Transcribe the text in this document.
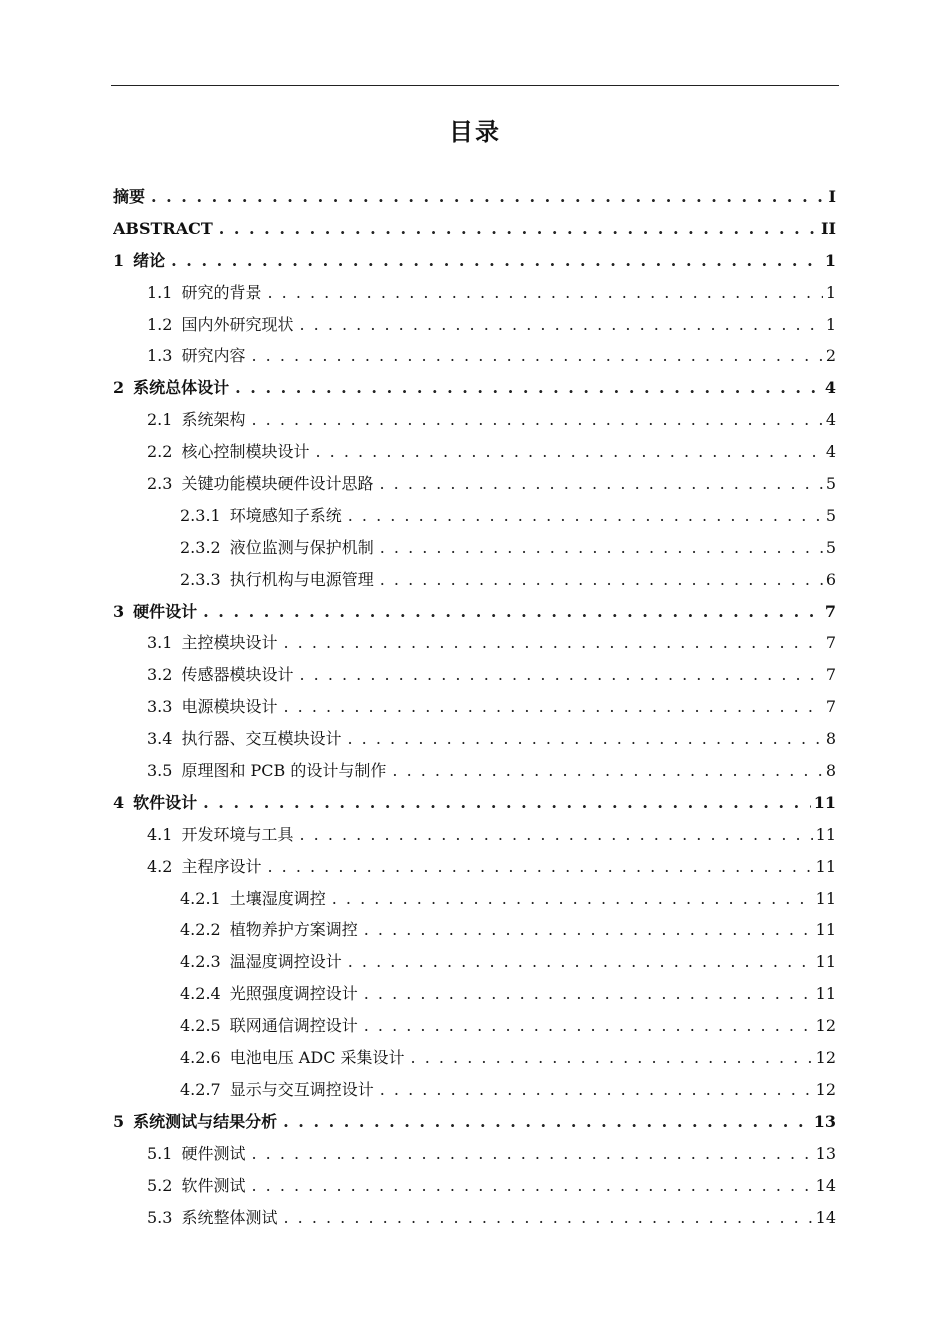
目录
摘要 . . .	I
ABSTRACT . . .	II
1 绪论 . . .	1
1.1 研究的背景 . . .	1
1.2 国内外研究现状 . . .	1
1.3 研究内容 . . .	2
2 系统总体设计 . . .	4
2.1 系统架构 . . .	4
2.2 核心控制模块设计 . . .	4
2.3 关键功能模块硬件设计思路 . . .	5
2.3.1 环境感知子系统 . . .	5
2.3.2 液位监测与保护机制 . . .	5
2.3.3 执行机构与电源管理 . . .	6
3 硬件设计 . . .	7
3.1 主控模块设计 . . .	7
3.2 传感器模块设计 . . .	7
3.3 电源模块设计 . . .	7
3.4 执行器、交互模块设计 . . .	8
3.5 原理图和 PCB 的设计与制作 . . .	8
4 软件设计 . . .	11
4.1 开发环境与工具 . . .	11
4.2 主程序设计 . . .	11
4.2.1 土壤湿度调控 . . .	11
4.2.2 植物养护方案调控 . . .	11
4.2.3 温湿度调控设计 . . .	11
4.2.4 光照强度调控设计 . . .	11
4.2.5 联网通信调控设计 . . .	12
4.2.6 电池电压 ADC 采集设计 . . .	12
4.2.7 显示与交互调控设计 . . .	12
5 系统测试与结果分析 . . .	13
5.1 硬件测试 . . .	13
5.2 软件测试 . . .	14
5.3 系统整体测试 . . .	14
